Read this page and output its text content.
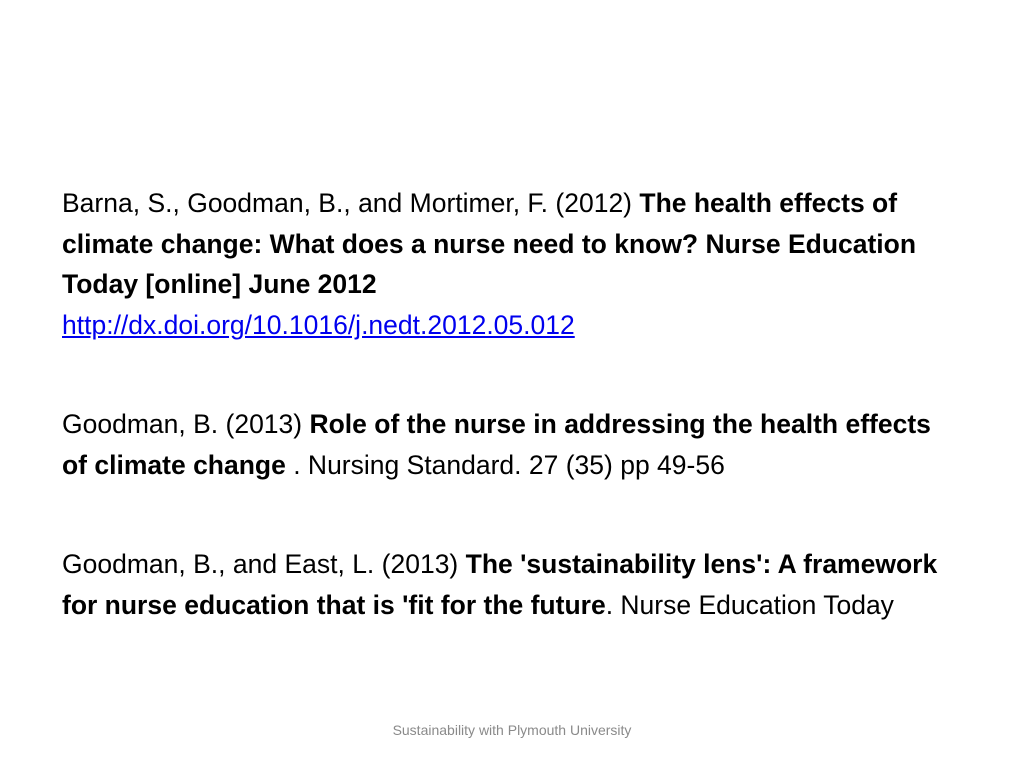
Barna, S., Goodman, B., and Mortimer, F. (2012) The health effects of climate change: What does a nurse need to know? Nurse Education Today [online] June 2012
http://dx.doi.org/10.1016/j.nedt.2012.05.012

Goodman, B. (2013) Role of the nurse in addressing the health effects of climate change . Nursing Standard. 27 (35) pp 49-56

Goodman, B., and East, L. (2013) The 'sustainability lens': A framework for nurse education that is 'fit for the future. Nurse Education Today

Sustainability with Plymouth University
